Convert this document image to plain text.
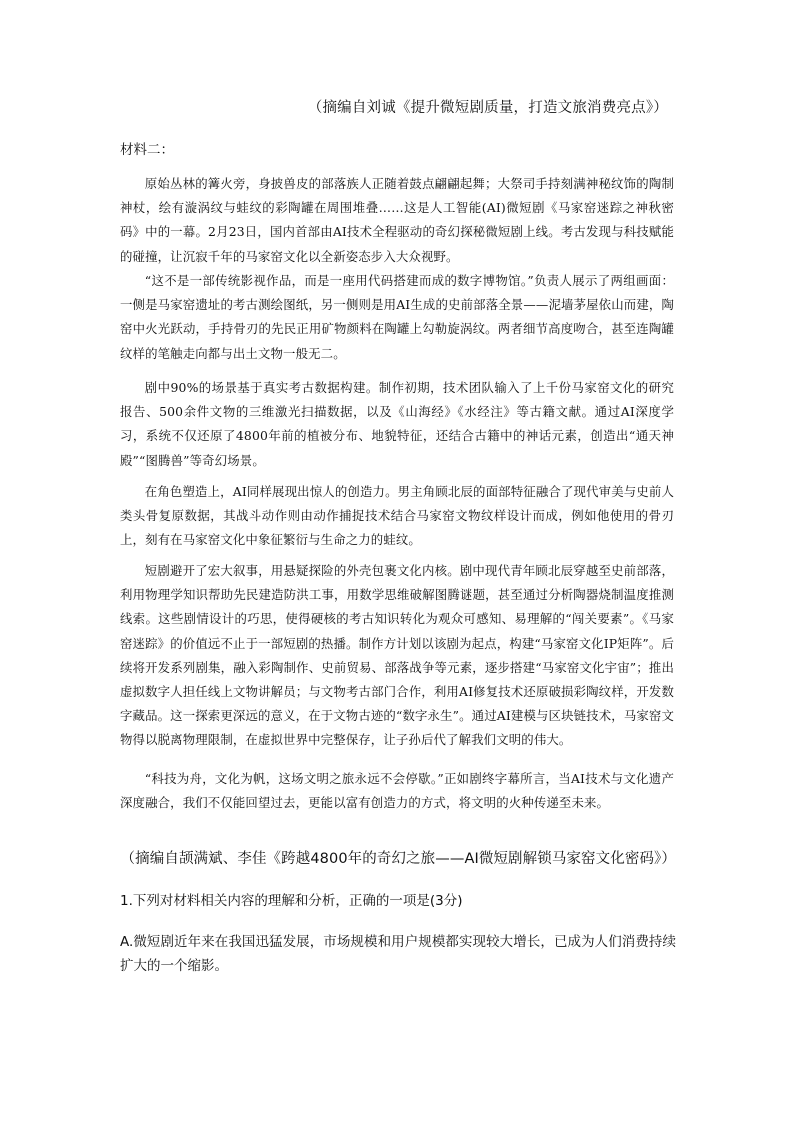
（摘编自刘诚《提升微短剧质量，打造文旅消费亮点》）
材料二：

原始丛林的篝火旁，身披兽皮的部落族人正随着鼓点翩翩起舞；大祭司手持刻满神秘纹饰的陶制神杖，绘有漩涡纹与蛙纹的彩陶罐在周围堆叠……这是人工智能(AI)微短剧《马家窑迷踪之神秋密码》中的一幕。2月23日，国内首部由AI技术全程驱动的奇幻探秘微短剧上线。考古发现与科技赋能的碰撞，让沉寂千年的马家窑文化以全新姿态步入大众视野。

“这不是一部传统影视作品，而是一座用代码搭建而成的数字博物馆。”负责人展示了两组画面：一侧是马家窑遗址的考古测绘图纸，另一侧则是用AI生成的史前部落全景——泥墙茅屋依山而建，陶窑中火光跃动，手持骨刃的先民正用矿物颜料在陶罐上勾勒旋涡纹。两者细节高度吻合，甚至连陶罐纹样的笔触走向都与出土文物一般无二。

剧中90%的场景基于真实考古数据构建。制作初期，技术团队输入了上千份马家窑文化的研究报告、500余件文物的三维激光扫描数据，以及《山海经》《水经注》等古籍文献。通过AI深度学习，系统不仅还原了4800年前的植被分布、地貌特征，还结合古籍中的神话元素，创造出“通天神殿”“图腾兽”等奇幻场景。

在角色塑造上，AI同样展现出惊人的创造力。男主角顾北辰的面部特征融合了现代审美与史前人类头骨复原数据，其战斗动作则由动作捕捉技术结合马家窑文物纹样设计而成，例如他使用的骨刃上，刻有在马家窑文化中象征繁衍与生命之力的蛙纹。

短剧避开了宏大叙事，用悬疑探险的外壳包裹文化内核。剧中现代青年顾北辰穿越至史前部落，利用物理学知识帮助先民建造防洪工事，用数学思维破解图腾谜题，甚至通过分析陶器烧制温度推测线索。这些剧情设计的巧思，使得硬核的考古知识转化为观众可感知、易理解的“闯关要素”。《马家窑迷踪》的价值远不止于一部短剧的热播。制作方计划以该剧为起点，构建“马家窑文化IP矩阵”。后续将开发系列剧集，融入彩陶制作、史前贸易、部落战争等元素，逐步搭建“马家窑文化宇宙”；推出虚拟数字人担任线上文物讲解员；与文物考古部门合作，利用AI修复技术还原破损彩陶纹样，开发数字藏品。这一探索更深远的意义，在于文物古迹的“数字永生”。通过AI建模与区块链技术，马家窑文物得以脱离物理限制，在虚拟世界中完整保存，让子孙后代了解我们文明的伟大。

“科技为舟，文化为帆，这场文明之旅永远不会停歇。”正如剧终字幕所言，当AI技术与文化遗产深度融合，我们不仅能回望过去，更能以富有创造力的方式，将文明的火种传递至未来。

（摘编自颉满斌、李佳《跨越4800年的奇幻之旅——AI微短剧解锁马家窑文化密码》）
1.下列对材料相关内容的理解和分析，正确的一项是(3分)

A.微短剧近年来在我国迅猛发展，市场规模和用户规模都实现较大增长，已成为人们消费持续扩大的一个缩影。
